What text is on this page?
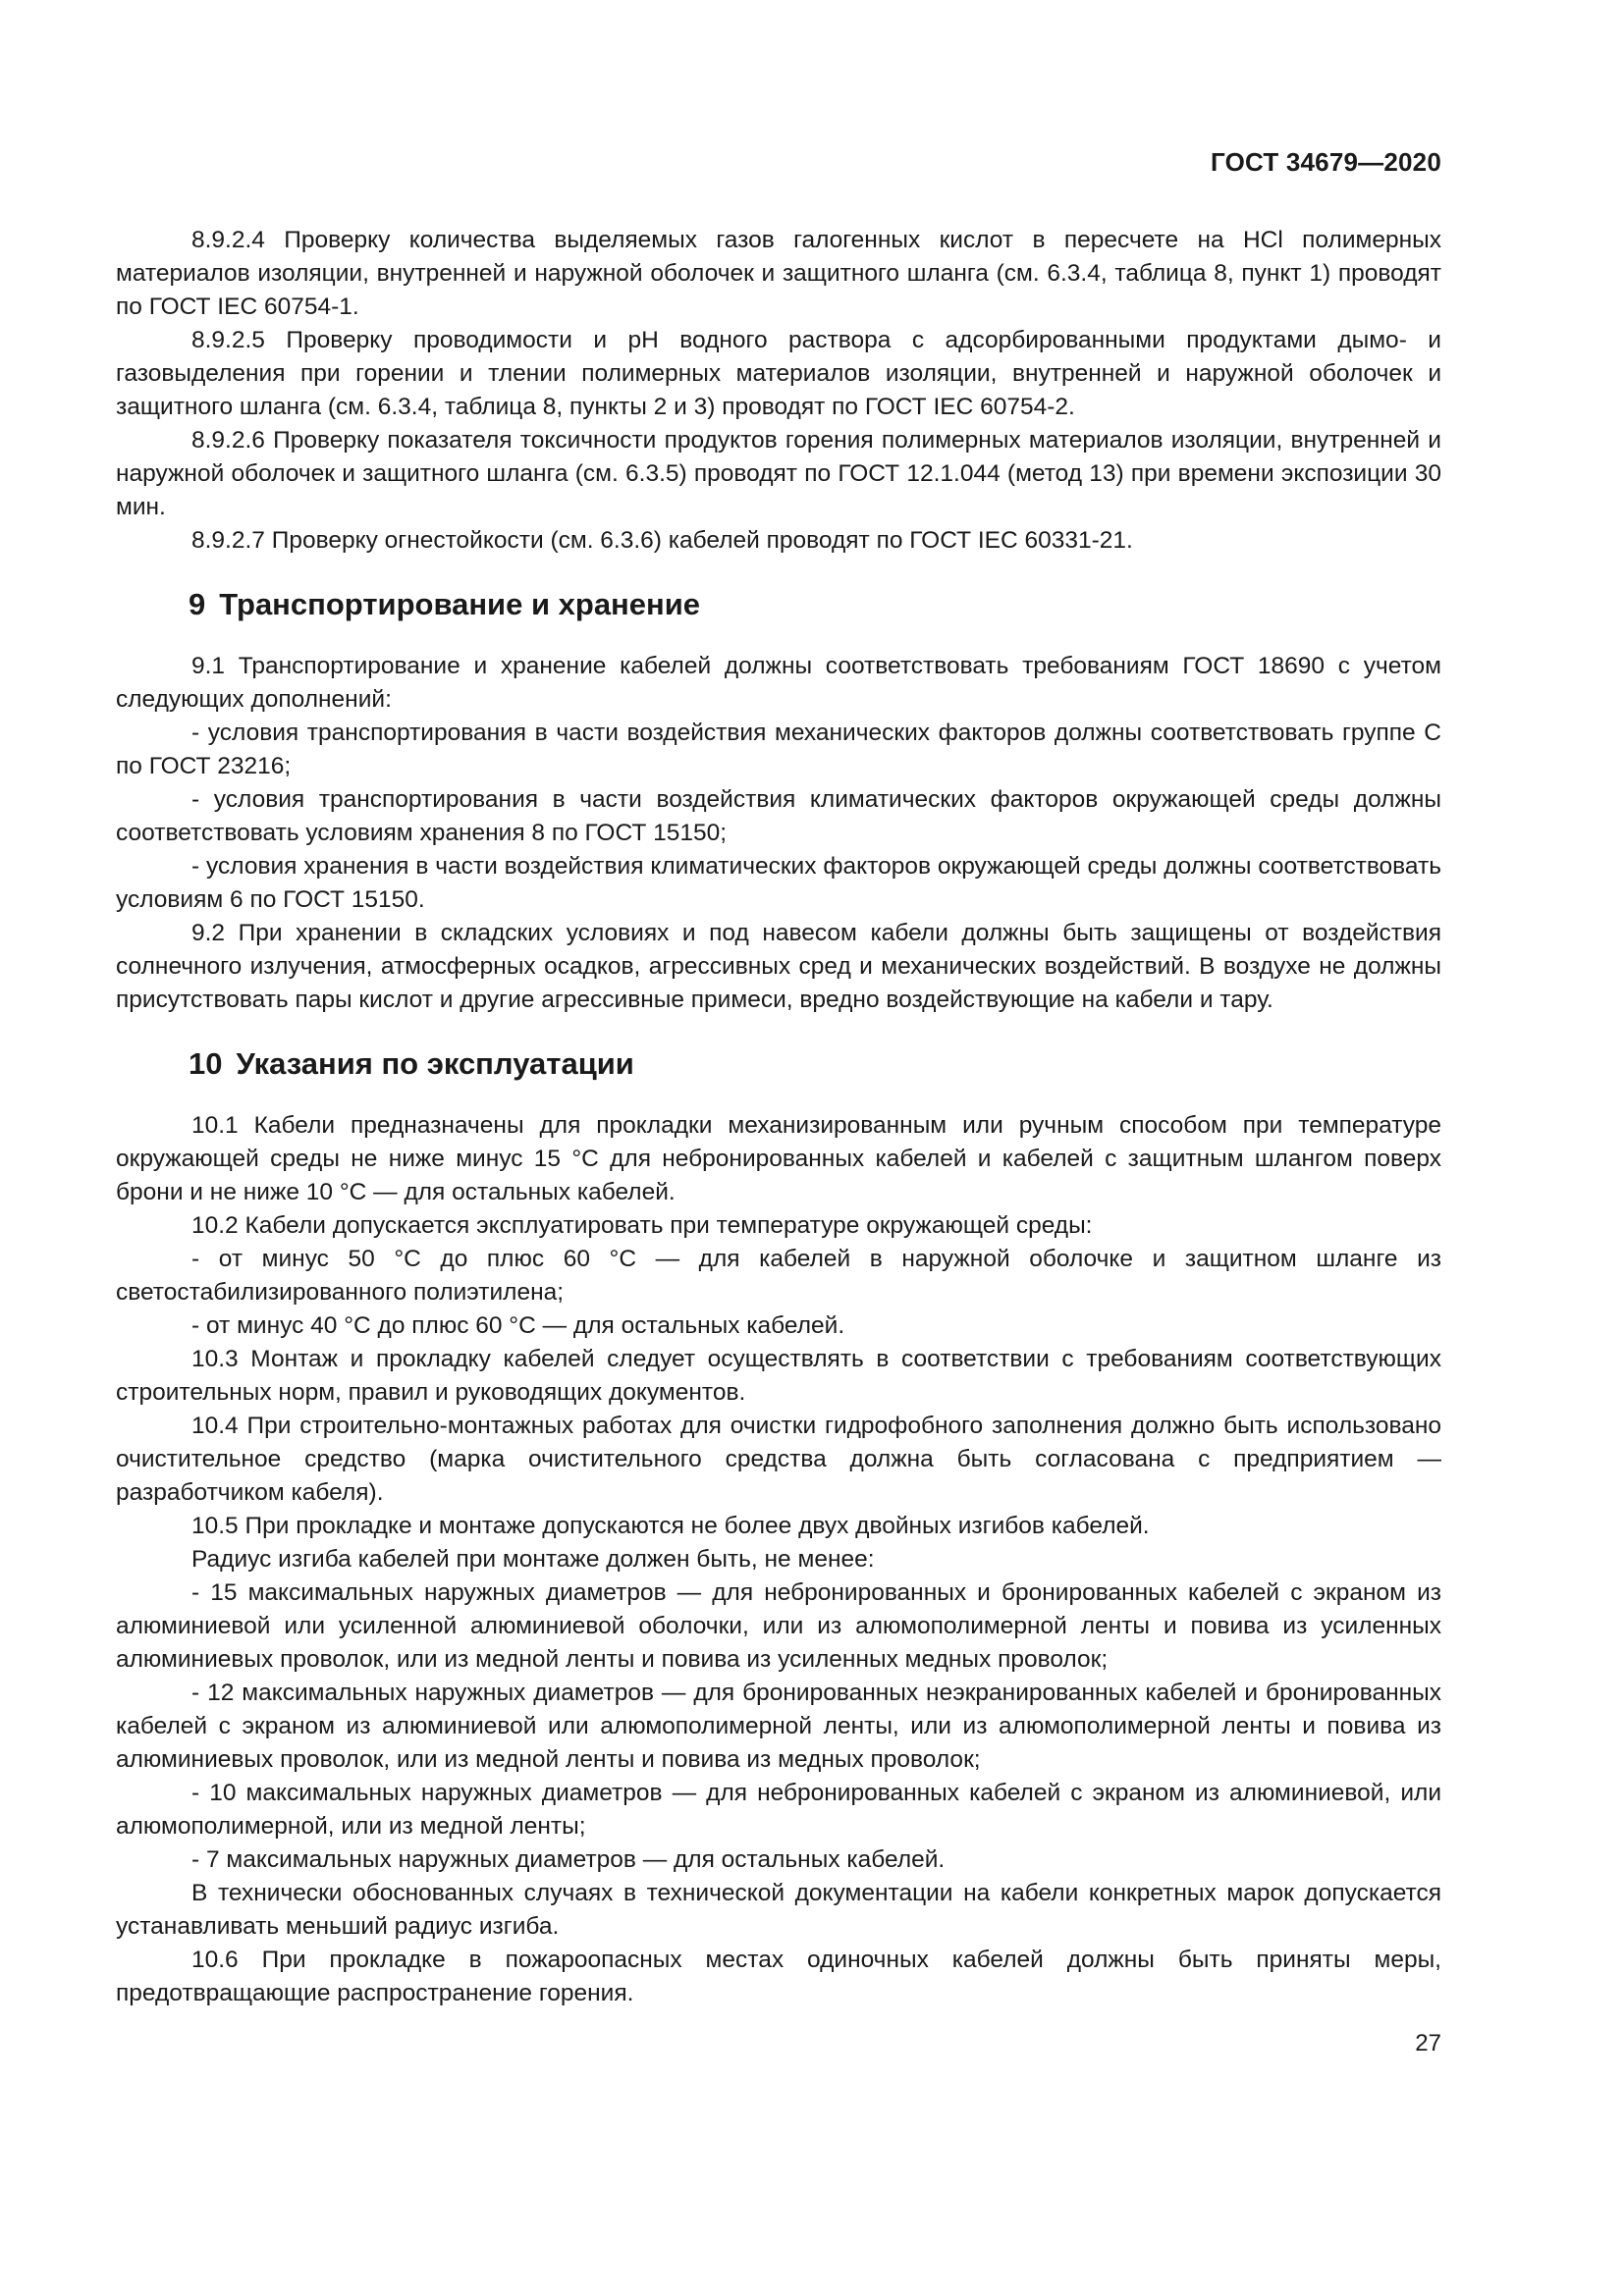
ГОСТ 34679—2020

8.9.2.4 Проверку количества выделяемых газов галогенных кислот в пересчете на HCl полимерных материалов изоляции, внутренней и наружной оболочек и защитного шланга (см. 6.3.4, таблица 8, пункт 1) проводят по ГОСТ IEC 60754-1.

8.9.2.5 Проверку проводимости и pH водного раствора с адсорбированными продуктами дымо- и газовыделения при горении и тлении полимерных материалов изоляции, внутренней и наружной оболочек и защитного шланга (см. 6.3.4, таблица 8, пункты 2 и 3) проводят по ГОСТ IEC 60754-2.

8.9.2.6 Проверку показателя токсичности продуктов горения полимерных материалов изоляции, внутренней и наружной оболочек и защитного шланга (см. 6.3.5) проводят по ГОСТ 12.1.044 (метод 13) при времени экспозиции 30 мин.

8.9.2.7 Проверку огнестойкости (см. 6.3.6) кабелей проводят по ГОСТ IEC 60331-21.

9 Транспортирование и хранение

9.1 Транспортирование и хранение кабелей должны соответствовать требованиям ГОСТ 18690 с учетом следующих дополнений:

- условия транспортирования в части воздействия механических факторов должны соответствовать группе С по ГОСТ 23216;

- условия транспортирования в части воздействия климатических факторов окружающей среды должны соответствовать условиям хранения 8 по ГОСТ 15150;

- условия хранения в части воздействия климатических факторов окружающей среды должны соответствовать условиям 6 по ГОСТ 15150.

9.2 При хранении в складских условиях и под навесом кабели должны быть защищены от воздействия солнечного излучения, атмосферных осадков, агрессивных сред и механических воздействий. В воздухе не должны присутствовать пары кислот и другие агрессивные примеси, вредно воздействующие на кабели и тару.

10 Указания по эксплуатации

10.1 Кабели предназначены для прокладки механизированным или ручным способом при температуре окружающей среды не ниже минус 15 °С для небронированных кабелей и кабелей с защитным шлангом поверх брони и не ниже 10 °С — для остальных кабелей.

10.2 Кабели допускается эксплуатировать при температуре окружающей среды:

- от минус 50 °С до плюс 60 °С — для кабелей в наружной оболочке и защитном шланге из светостабилизированного полиэтилена;

- от минус 40 °С до плюс 60 °С — для остальных кабелей.

10.3 Монтаж и прокладку кабелей следует осуществлять в соответствии с требованиям соответствующих строительных норм, правил и руководящих документов.

10.4 При строительно-монтажных работах для очистки гидрофобного заполнения должно быть использовано очистительное средство (марка очистительного средства должна быть согласована с предприятием — разработчиком кабеля).

10.5 При прокладке и монтаже допускаются не более двух двойных изгибов кабелей.

Радиус изгиба кабелей при монтаже должен быть, не менее:

- 15 максимальных наружных диаметров — для небронированных и бронированных кабелей с экраном из алюминиевой или усиленной алюминиевой оболочки, или из алюмополимерной ленты и повива из усиленных алюминиевых проволок, или из медной ленты и повива из усиленных медных проволок;

- 12 максимальных наружных диаметров — для бронированных неэкранированных кабелей и бронированных кабелей с экраном из алюминиевой или алюмополимерной ленты, или из алюмополимерной ленты и повива из алюминиевых проволок, или из медной ленты и повива из медных проволок;

- 10 максимальных наружных диаметров — для небронированных кабелей с экраном из алюминиевой, или алюмополимерной, или из медной ленты;

- 7 максимальных наружных диаметров — для остальных кабелей.

В технически обоснованных случаях в технической документации на кабели конкретных марок допускается устанавливать меньший радиус изгиба.

10.6 При прокладке в пожароопасных местах одиночных кабелей должны быть приняты меры, предотвращающие распространение горения.

27
